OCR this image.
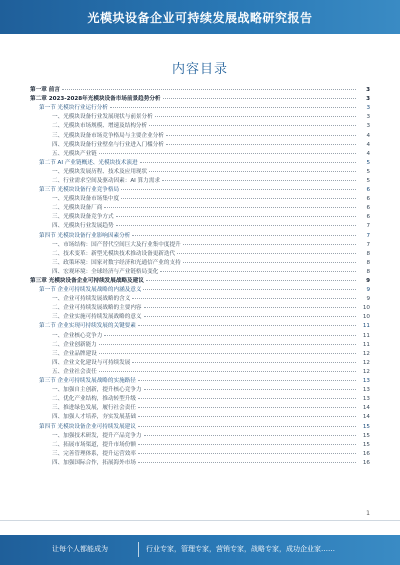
光模块设备企业可持续发展战略研究报告
内容目录
第一章 前言	3
第二章 2023-2028年光模块设备市场前景趋势分析	3
第一节 光模块行业运行分析	3
一、光模块设备行业发展现状与前景分析	3
二、光模块市场规模、增速及结构分析	3
三、光模块设备市场竞争格局与主要企业分析	4
四、光模块设备行业壁垒与行业进入门槛分析	4
五、光模块产业链	4
第二节 AI 产业链概述、光模块技术演进	5
一、光模块发展历程、技术及应用现状	5
二、行业需求空间及驱动因素：AI 算力需求	5
第三节 光模块设备行业竞争格局	6
一、光模块设备市场集中度	6
二、光模块设备厂商	6
三、光模块设备竞争方式	6
四、光模块行业发展趋势	7
第四节 光模块设备行业影响因素分析	7
一、市场结构：国产替代空间巨大及行业集中度提升	7
二、技术变革：新型光模块技术推动设备更新迭代	8
三、政策环境：国家对数字经济和光通信产业的支持	8
四、宏观环境：全球经济与产业链格局变化	8
第三章 光模块设备企业可持续发展战略及建议	9
第一节 企业可持续发展战略的内涵及意义	9
一、企业可持续发展战略的含义	9
二、企业可持续发展战略的主要内容	10
三、企业实施可持续发展战略的意义	10
第二节 企业实现可持续发展的关键要素	11
一、企业核心竞争力	11
二、企业创新能力	11
三、企业品牌建设	12
四、企业文化建设与可持续发展	12
五、企业社会责任	12
第三节 企业可持续发展战略的实施路径	13
一、加强自主创新，提升核心竞争力	13
二、优化产业结构，推动转型升级	13
三、推进绿色发展，履行社会责任	14
四、加强人才培养，夯实发展基础	14
第四节 光模块设备企业可持续发展建议	15
一、加强技术研发，提升产品竞争力	15
二、拓展市场渠道，提升市场份额	15
三、完善管理体系，提升运营效率	16
四、加强国际合作，拓展海外市场	16
1
让每个人都能成为	行业专家，管理专家，营销专家，战略专家，成功企业家……
